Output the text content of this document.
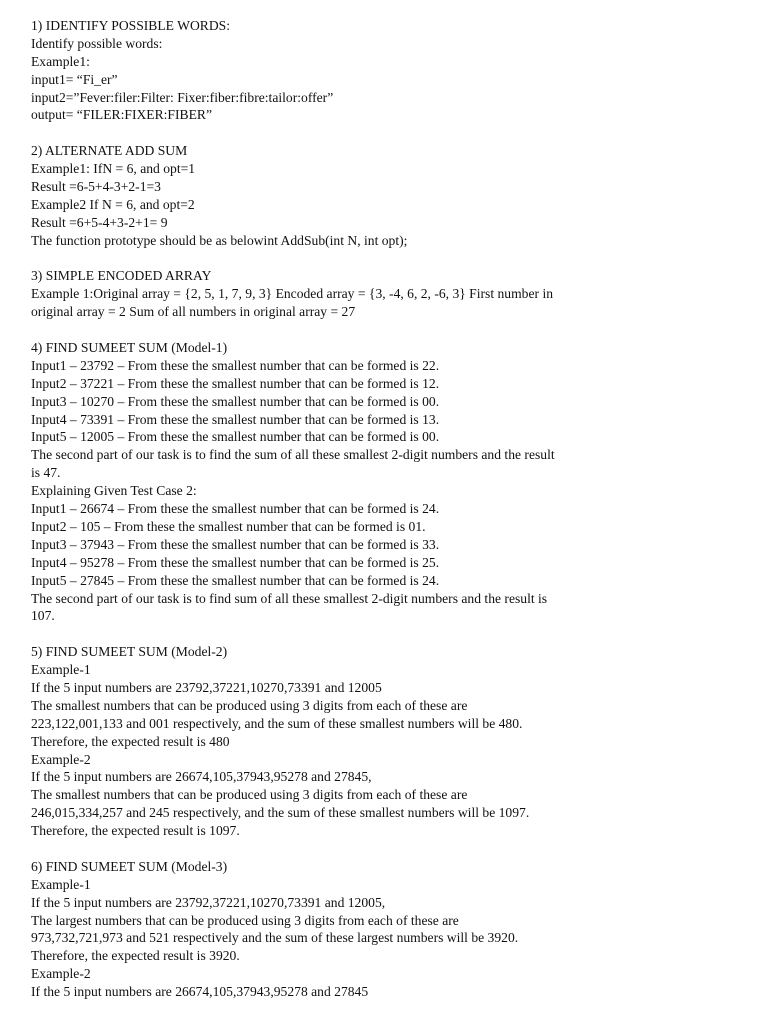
1) IDENTIFY POSSIBLE WORDS:
Identify possible words:
Example1:
input1= “Fi_er”
input2=”Fever:filer:Filter: Fixer:fiber:fibre:tailor:offer”
output= “FILER:FIXER:FIBER”
2) ALTERNATE ADD SUM
Example1: IfN = 6, and opt=1
Result =6-5+4-3+2-1=3
Example2 If N = 6, and opt=2
Result =6+5-4+3-2+1= 9
The function prototype should be as belowint AddSub(int N, int opt);
3) SIMPLE ENCODED ARRAY
Example 1:Original array = {2, 5, 1, 7, 9, 3} Encoded array = {3, -4, 6, 2, -6, 3} First number in
original array = 2 Sum of all numbers in original array = 27
4) FIND SUMEET SUM (Model-1)
Input1 – 23792 – From these the smallest number that can be formed is 22.
Input2 – 37221 – From these the smallest number that can be formed is 12.
Input3 – 10270 – From these the smallest number that can be formed is 00.
Input4 – 73391 – From these the smallest number that can be formed is 13.
Input5 – 12005 – From these the smallest number that can be formed is 00.
The second part of our task is to find the sum of all these smallest 2-digit numbers and the result
is 47.
Explaining Given Test Case 2:
Input1 – 26674 – From these the smallest number that can be formed is 24.
Input2 – 105 – From these the smallest number that can be formed is 01.
Input3 – 37943 – From these the smallest number that can be formed is 33.
Input4 – 95278 – From these the smallest number that can be formed is 25.
Input5 – 27845 – From these the smallest number that can be formed is 24.
The second part of our task is to find sum of all these smallest 2-digit numbers and the result is
107.
5) FIND SUMEET SUM (Model-2)
Example-1
If the 5 input numbers are 23792,37221,10270,73391 and 12005
The smallest numbers that can be produced using 3 digits from each of these are
223,122,001,133 and 001 respectively, and the sum of these smallest numbers will be 480.
Therefore, the expected result is 480
Example-2
If the 5 input numbers are 26674,105,37943,95278 and 27845,
The smallest numbers that can be produced using 3 digits from each of these are
246,015,334,257 and 245 respectively, and the sum of these smallest numbers will be 1097.
Therefore, the expected result is 1097.
6) FIND SUMEET SUM (Model-3)
Example-1
If the 5 input numbers are 23792,37221,10270,73391 and 12005,
The largest numbers that can be produced using 3 digits from each of these are
973,732,721,973 and 521 respectively and the sum of these largest numbers will be 3920.
Therefore, the expected result is 3920.
Example-2
If the 5 input numbers are 26674,105,37943,95278 and 27845
